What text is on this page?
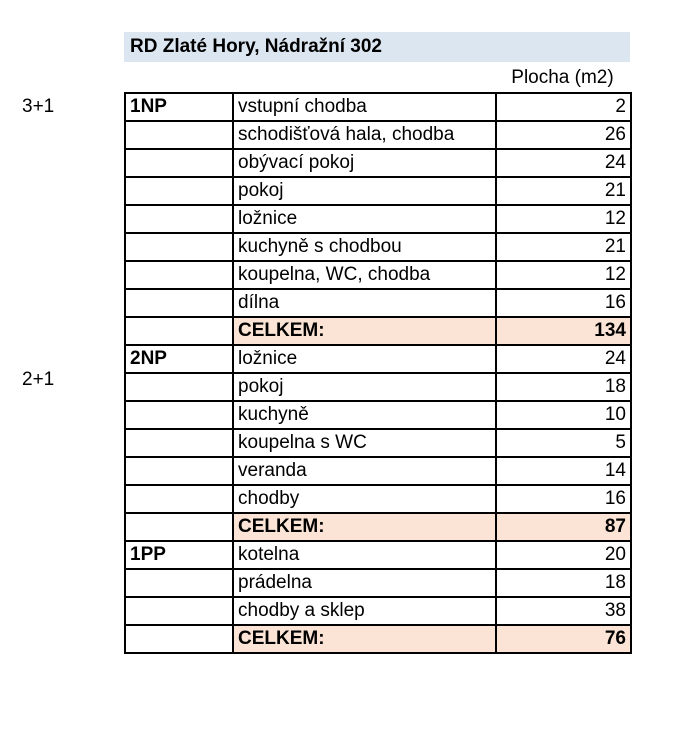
RD Zlaté Hory, Nádražní 302
Plocha (m2)
3+1
2+1
1NP	vstupní chodba	2
	schodišťová hala, chodba	26
	obývací pokoj	24
	pokoj	21
	ložnice	12
	kuchyně s chodbou	21
	koupelna, WC, chodba	12
	dílna	16
	CELKEM:	134
2NP	ložnice	24
	pokoj	18
	kuchyně	10
	koupelna s WC	5
	veranda	14
	chodby	16
	CELKEM:	87
1PP	kotelna	20
	prádelna	18
	chodby a sklep	38
	CELKEM:	76
